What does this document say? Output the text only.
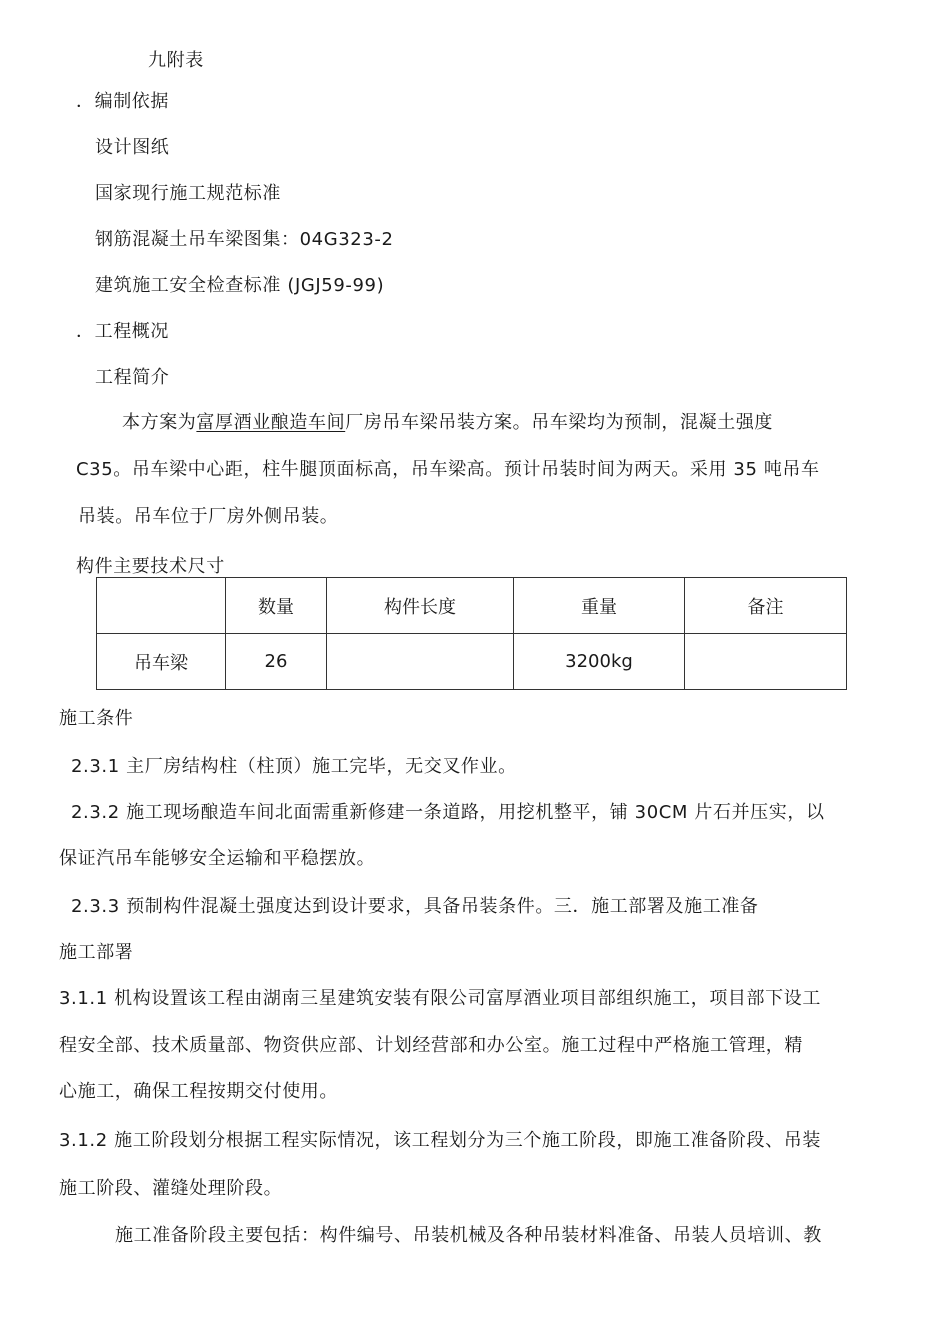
九附表
．编制依据
设计图纸
国家现行施工规范标准
钢筋混凝土吊车梁图集：04G323-2
建筑施工安全检查标准 (JGJ59-99)
．工程概况
工程简介
本方案为富厚酒业酿造车间厂房吊车梁吊装方案。吊车梁均为预制，混凝土强度
C35。吊车梁中心距，柱牛腿顶面标高，吊车梁高。预计吊装时间为两天。采用 35 吨吊车
吊装。吊车位于厂房外侧吊装。
构件主要技术尺寸
	数量	构件长度	重量	备注
吊车梁	26		3200kg	
施工条件
2.3.1 主厂房结构柱（柱顶）施工完毕，无交叉作业。
2.3.2 施工现场酿造车间北面需重新修建一条道路，用挖机整平，铺 30CM 片石并压实，以
保证汽吊车能够安全运输和平稳摆放。
2.3.3 预制构件混凝土强度达到设计要求，具备吊装条件。三．施工部署及施工准备
施工部署
3.1.1 机构设置该工程由湖南三星建筑安装有限公司富厚酒业项目部组织施工，项目部下设工
程安全部、技术质量部、物资供应部、计划经营部和办公室。施工过程中严格施工管理，精
心施工，确保工程按期交付使用。
3.1.2 施工阶段划分根据工程实际情况，该工程划分为三个施工阶段，即施工准备阶段、吊装
施工阶段、灌缝处理阶段。
施工准备阶段主要包括：构件编号、吊装机械及各种吊装材料准备、吊装人员培训、教
